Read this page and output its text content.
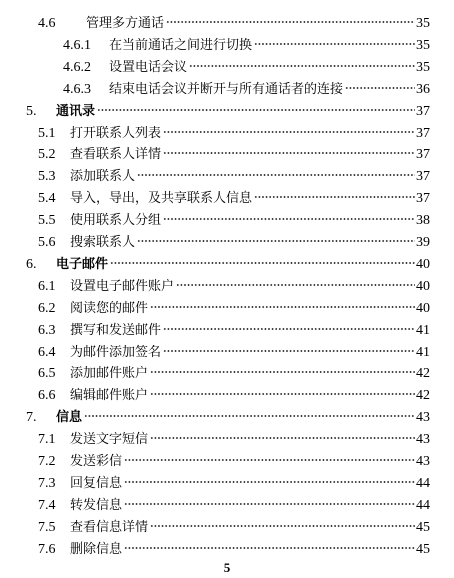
4.6	管理多方通话	35
4.6.1	在当前通话之间进行切换	35
4.6.2	设置电话会议	35
4.6.3	结束电话会议并断开与所有通话者的连接	36
5.	通讯录	37
5.1	打开联系人列表	37
5.2	查看联系人详情	37
5.3	添加联系人	37
5.4	导入，导出，及共享联系人信息	37
5.5	使用联系人分组	38
5.6	搜索联系人	39
6.	电子邮件	40
6.1	设置电子邮件账户	40
6.2	阅读您的邮件	40
6.3	撰写和发送邮件	41
6.4	为邮件添加签名	41
6.5	添加邮件账户	42
6.6	编辑邮件账户	42
7.	信息	43
7.1	发送文字短信	43
7.2	发送彩信	43
7.3	回复信息	44
7.4	转发信息	44
7.5	查看信息详情	45
7.6	删除信息	45
5
